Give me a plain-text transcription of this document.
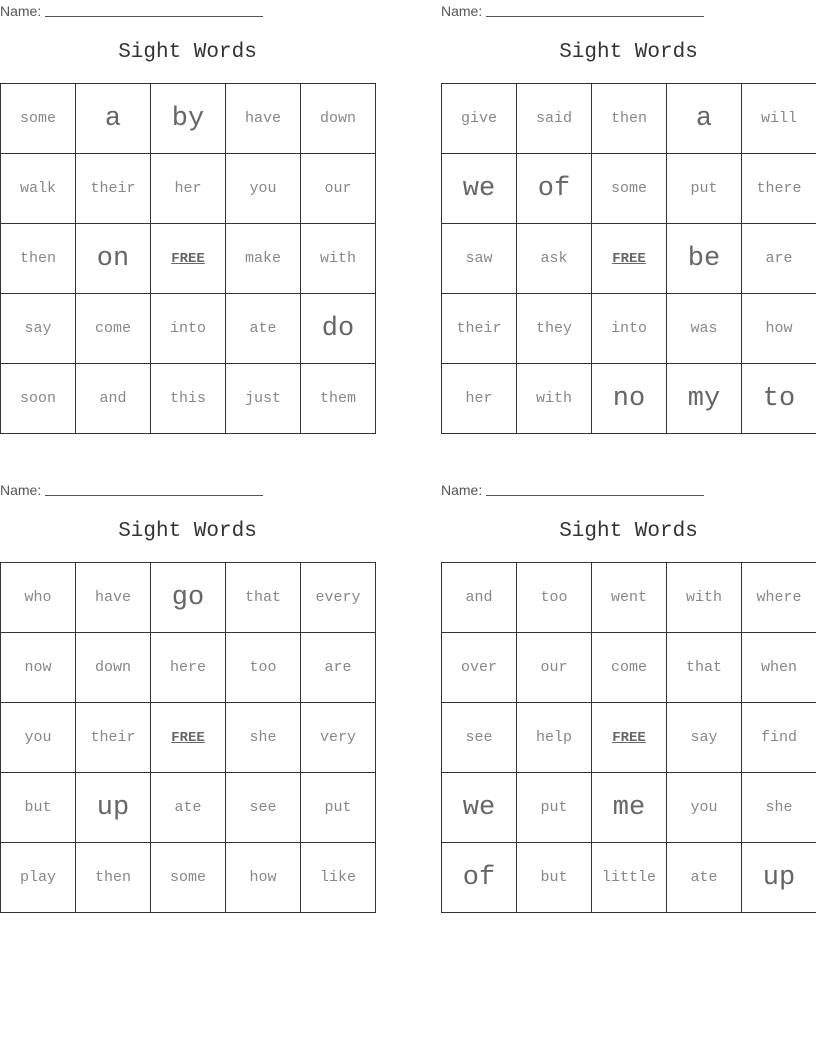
Name:
Sight Words
some	a	by	have	down
walk	their	her	you	our
then	on	FREE	make	with
say	come	into	ate	do
soon	and	this	just	them
Name:
Sight Words
give	said	then	a	will
we	of	some	put	there
saw	ask	FREE	be	are
their	they	into	was	how
her	with	no	my	to
Name:
Sight Words
who	have	go	that	every
now	down	here	too	are
you	their	FREE	she	very
but	up	ate	see	put
play	then	some	how	like
Name:
Sight Words
and	too	went	with	where
over	our	come	that	when
see	help	FREE	say	find
we	put	me	you	she
of	but	little	ate	up
